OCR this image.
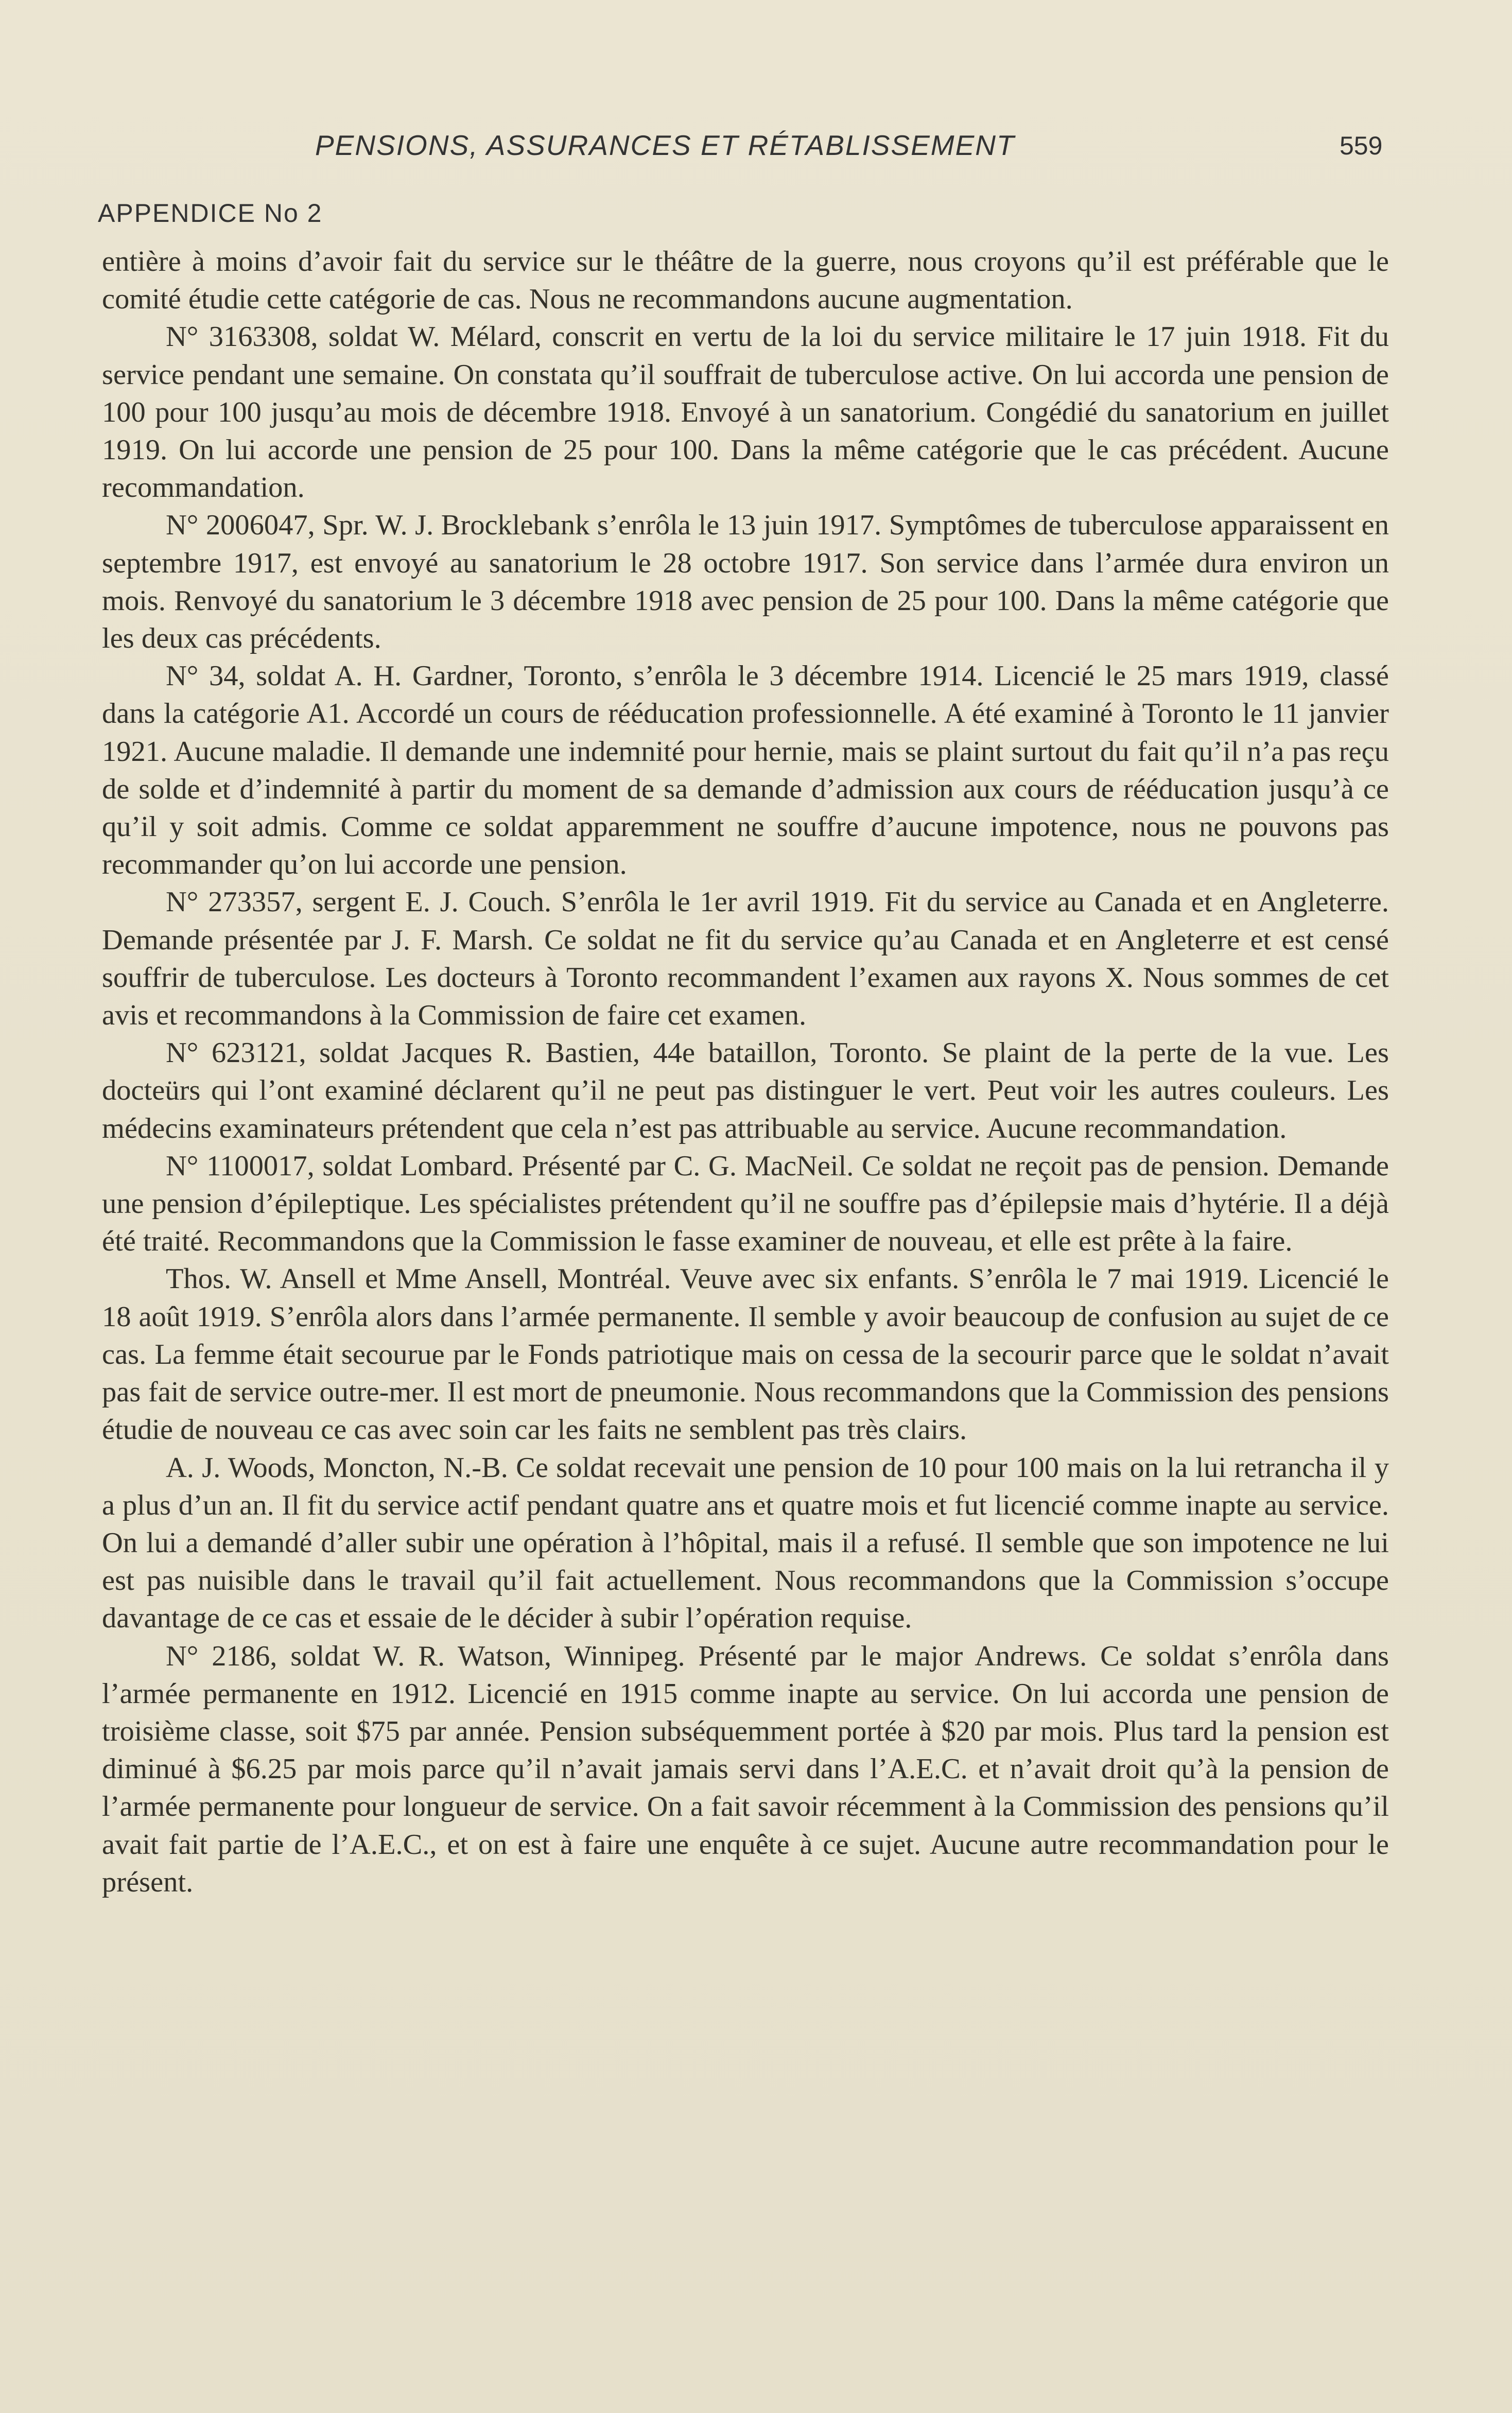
PENSIONS, ASSURANCES ET RÉTABLISSEMENT	559
APPENDICE No 2

entière à moins d’avoir fait du service sur le théâtre de la guerre, nous croyons qu’il est préférable que le comité étudie cette catégorie de cas. Nous ne recommandons aucune augmentation.

N° 3163308, soldat W. Mélard, conscrit en vertu de la loi du service militaire le 17 juin 1918. Fit du service pendant une semaine. On constata qu’il souffrait de tuberculose active. On lui accorda une pension de 100 pour 100 jusqu’au mois de décembre 1918. Envoyé à un sanatorium. Congédié du sanatorium en juillet 1919. On lui accorde une pension de 25 pour 100. Dans la même catégorie que le cas précédent. Aucune recommandation.

N° 2006047, Spr. W. J. Brocklebank s’enrôla le 13 juin 1917. Symptômes de tuberculose apparaissent en septembre 1917, est envoyé au sanatorium le 28 octobre 1917. Son service dans l’armée dura environ un mois. Renvoyé du sanatorium le 3 décembre 1918 avec pension de 25 pour 100. Dans la même catégorie que les deux cas précédents.

N° 34, soldat A. H. Gardner, Toronto, s’enrôla le 3 décembre 1914. Licencié le 25 mars 1919, classé dans la catégorie A1. Accordé un cours de rééducation professionnelle. A été examiné à Toronto le 11 janvier 1921. Aucune maladie. Il demande une indemnité pour hernie, mais se plaint surtout du fait qu’il n’a pas reçu de solde et d’indemnité à partir du moment de sa demande d’admission aux cours de rééducation jusqu’à ce qu’il y soit admis. Comme ce soldat apparemment ne souffre d’aucune impotence, nous ne pouvons pas recommander qu’on lui accorde une pension.

N° 273357, sergent E. J. Couch. S’enrôla le 1er avril 1919. Fit du service au Canada et en Angleterre. Demande présentée par J. F. Marsh. Ce soldat ne fit du service qu’au Canada et en Angleterre et est censé souffrir de tuberculose. Les docteurs à Toronto recommandent l’examen aux rayons X. Nous sommes de cet avis et recommandons à la Commission de faire cet examen.

N° 623121, soldat Jacques R. Bastien, 44e bataillon, Toronto. Se plaint de la perte de la vue. Les docteürs qui l’ont examiné déclarent qu’il ne peut pas distinguer le vert. Peut voir les autres couleurs. Les médecins examinateurs prétendent que cela n’est pas attribuable au service. Aucune recommandation.

N° 1100017, soldat Lombard. Présenté par C. G. MacNeil. Ce soldat ne reçoit pas de pension. Demande une pension d’épileptique. Les spécialistes prétendent qu’il ne souffre pas d’épilepsie mais d’hytérie. Il a déjà été traité. Recommandons que la Commission le fasse examiner de nouveau, et elle est prête à la faire.

Thos. W. Ansell et Mme Ansell, Montréal. Veuve avec six enfants. S’enrôla le 7 mai 1919. Licencié le 18 août 1919. S’enrôla alors dans l’armée permanente. Il semble y avoir beaucoup de confusion au sujet de ce cas. La femme était secourue par le Fonds patriotique mais on cessa de la secourir parce que le soldat n’avait pas fait de service outre-mer. Il est mort de pneumonie. Nous recommandons que la Commission des pensions étudie de nouveau ce cas avec soin car les faits ne semblent pas très clairs.

A. J. Woods, Moncton, N.-B. Ce soldat recevait une pension de 10 pour 100 mais on la lui retrancha il y a plus d’un an. Il fit du service actif pendant quatre ans et quatre mois et fut licencié comme inapte au service. On lui a demandé d’aller subir une opération à l’hôpital, mais il a refusé. Il semble que son impotence ne lui est pas nuisible dans le travail qu’il fait actuellement. Nous recommandons que la Commission s’occupe davantage de ce cas et essaie de le décider à subir l’opération requise.

N° 2186, soldat W. R. Watson, Winnipeg. Présenté par le major Andrews. Ce soldat s’enrôla dans l’armée permanente en 1912. Licencié en 1915 comme inapte au service. On lui accorda une pension de troisième classe, soit $75 par année. Pension subséquemment portée à $20 par mois. Plus tard la pension est diminué à $6.25 par mois parce qu’il n’avait jamais servi dans l’A.E.C. et n’avait droit qu’à la pension de l’armée permanente pour longueur de service. On a fait savoir récemment à la Commission des pensions qu’il avait fait partie de l’A.E.C., et on est à faire une enquête à ce sujet. Aucune autre recommandation pour le présent.
